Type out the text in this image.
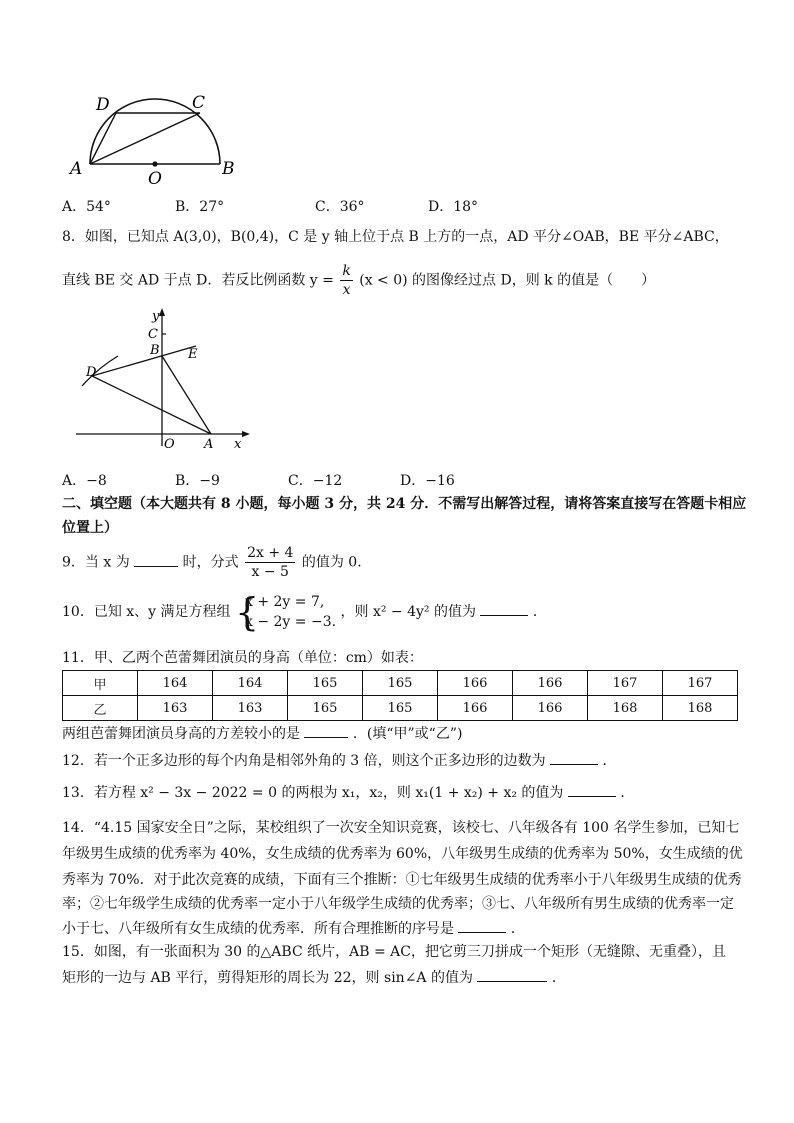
D	C
A	B
O
A．54°	B．27°	C．36°	D．18°
8．如图，已知点 A(3,0)，B(0,4)，C 是 y 轴上位于点 B 上方的一点，AD 平分∠OAB，BE 平分∠ABC，
直线 BE 交 AD 于点 D．若反比例函数 $y = \frac{k}{x} (x < 0)$ 的图像经过点 D，则 k 的值是（　　）
y
C
B E
D
O A x
A．−8	B．−9	C．−12	D．−16
二、填空题（本大题共有 8 小题，每小题 3 分，共 24 分．不需写出解答过程，请将答案直接写在答题卡相应
位置上）
9．当 x 为	时，分式 $\frac{2x + 4}{x - 5}$ 的值为 0．
10．已知 x、y 满足方程组 {
x + 2y = 7,
x − 2y = −3.
，则 x² − 4y² 的值为	．
11．甲、乙两个芭蕾舞团演员的身高（单位：cm）如表：
甲	164	164	165	165	166	166	167	167
乙	163	163	165	165	166	166	168	168
两组芭蕾舞团演员身高的方差较小的是	．(填“甲”或“乙”)
12．若一个正多边形的每个内角是相邻外角的 3 倍，则这个正多边形的边数为	．
13．若方程 x² − 3x − 2022 = 0 的两根为 x₁，x₂，则 x₁(1 + x₂) + x₂ 的值为	．
14．“4.15 国家安全日”之际，某校组织了一次安全知识竞赛，该校七、八年级各有 100 名学生参加，已知七
年级男生成绩的优秀率为 40%，女生成绩的优秀率为 60%，八年级男生成绩的优秀率为 50%，女生成绩的优
秀率为 70%．对于此次竞赛的成绩，下面有三个推断：①七年级男生成绩的优秀率小于八年级男生成绩的优秀
率；②七年级学生成绩的优秀率一定小于八年级学生成绩的优秀率；③七、八年级所有男生成绩的优秀率一定
小于七、八年级所有女生成绩的优秀率．所有合理推断的序号是	．
15．如图，有一张面积为 30 的△ABC 纸片，AB = AC，把它剪三刀拼成一个矩形（无缝隙、无重叠），且
矩形的一边与 AB 平行，剪得矩形的周长为 22，则 sin∠A 的值为	．
